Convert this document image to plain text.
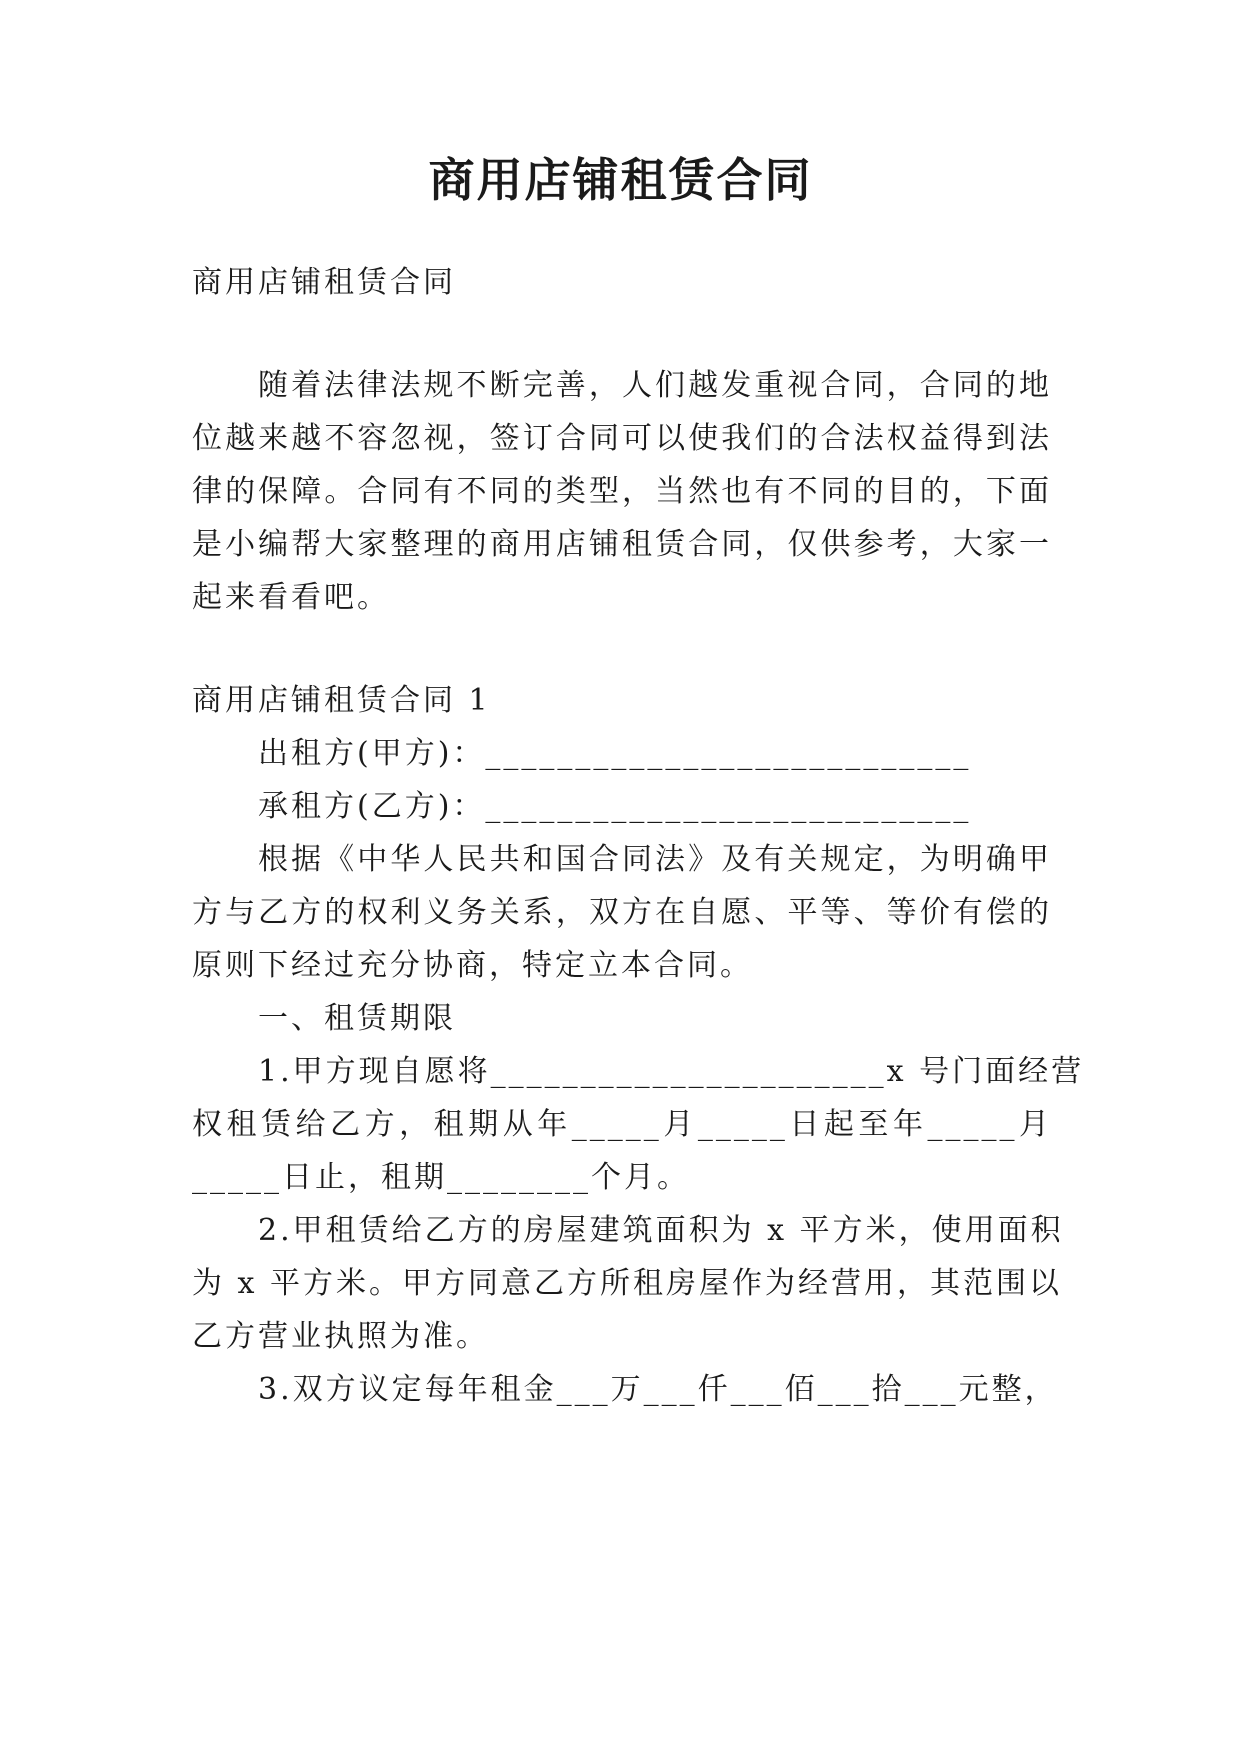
商用店铺租赁合同
商用店铺租赁合同
随着法律法规不断完善，人们越发重视合同，合同的地
位越来越不容忽视，签订合同可以使我们的合法权益得到法
律的保障。合同有不同的类型，当然也有不同的目的，下面
是小编帮大家整理的商用店铺租赁合同，仅供参考，大家一
起来看看吧。
商用店铺租赁合同 1
出租方(甲方)：___________________________
承租方(乙方)：___________________________
根据《中华人民共和国合同法》及有关规定，为明确甲
方与乙方的权利义务关系，双方在自愿、平等、等价有偿的
原则下经过充分协商，特定立本合同。
一、租赁期限
1.甲方现自愿将______________________x 号门面经营
权租赁给乙方，租期从年_____月_____日起至年_____月
_____日止，租期________个月。
2.甲租赁给乙方的房屋建筑面积为 x 平方米，使用面积
为 x 平方米。甲方同意乙方所租房屋作为经营用，其范围以
乙方营业执照为准。
3.双方议定每年租金___万___仟___佰___拾___元整，
